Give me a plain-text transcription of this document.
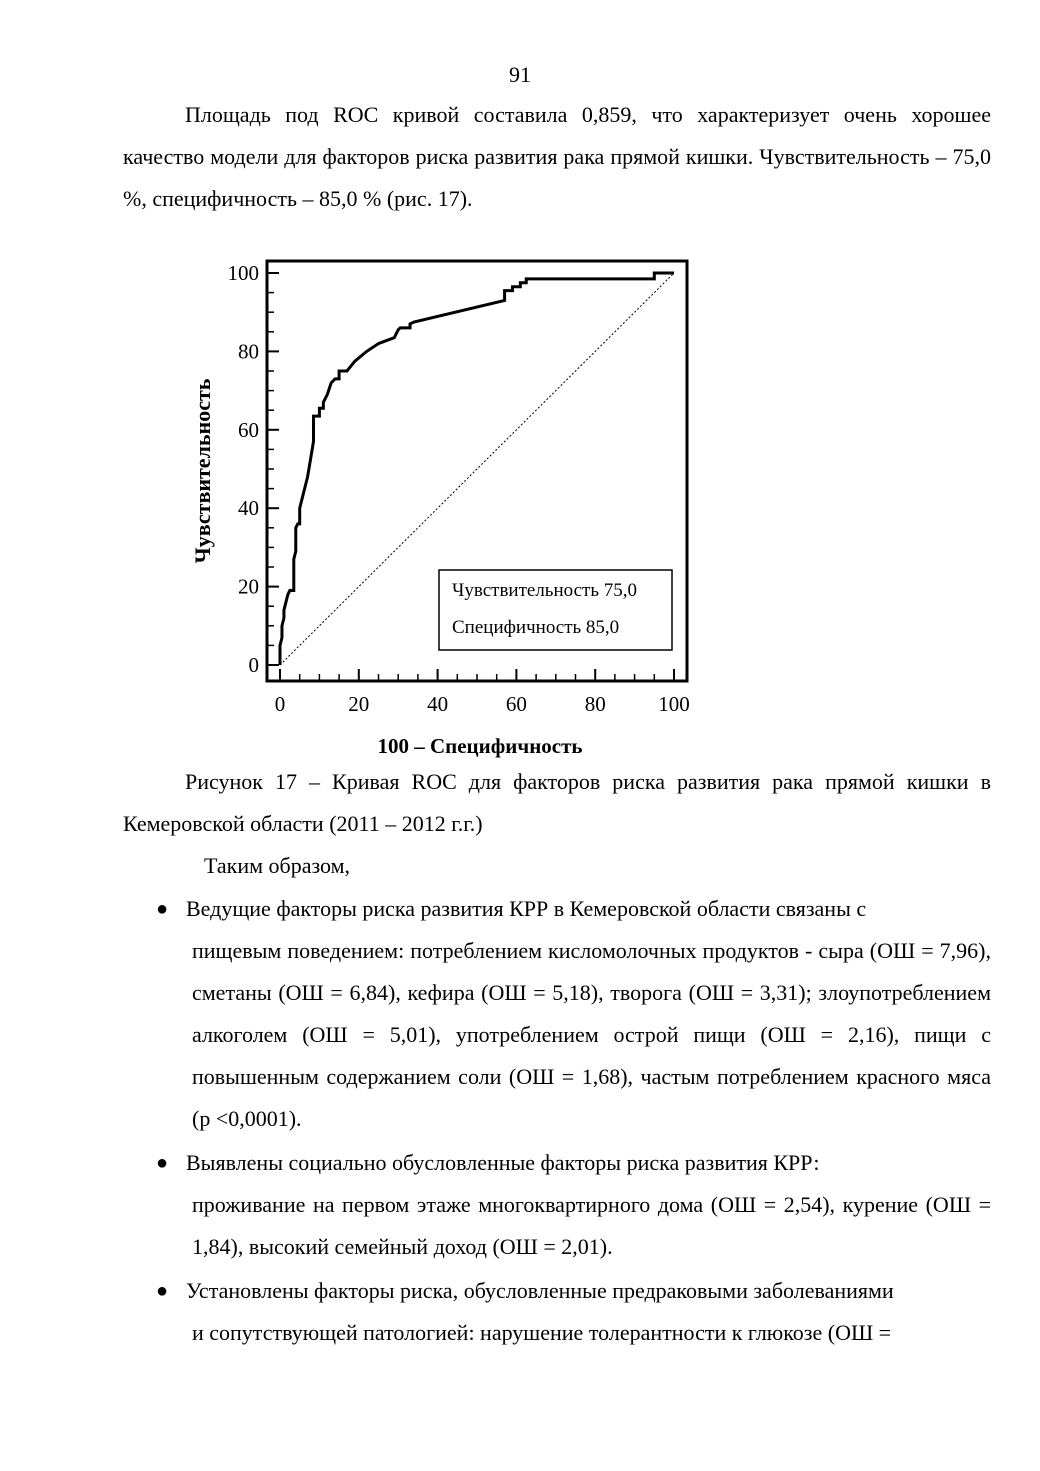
91

Площадь под ROC кривой составила 0,859, что характеризует очень хорошее качество модели для факторов риска развития рака прямой кишки. Чувствительность – 75,0 %, специфичность – 85,0 % (рис. 17).

0
20
40
60
80
100
0	20	40	60	80	100
100 – Специфичность
Чувствительность
Чувствительность 75,0
Специфичность 85,0

Рисунок 17 – Кривая ROC для факторов риска развития рака прямой кишки в Кемеровской области (2011 – 2012 г.г.)

Таким образом,
● Ведущие факторы риска развития КРР в Кемеровской области связаны с
пищевым поведением: потреблением кисломолочных продуктов - сыра (ОШ = 7,96), сметаны (ОШ = 6,84), кефира (ОШ = 5,18), творога (ОШ = 3,31); злоупотреблением алкоголем (ОШ = 5,01), употреблением острой пищи (ОШ = 2,16), пищи с повышенным содержанием соли (ОШ = 1,68), частым потреблением красного мяса (р <0,0001).
● Выявлены социально обусловленные факторы риска развития КРР:
проживание на первом этаже многоквартирного дома (ОШ = 2,54), курение (ОШ = 1,84), высокий семейный доход (ОШ = 2,01).
● Установлены факторы риска, обусловленные предраковыми заболеваниями
и сопутствующей патологией: нарушение толерантности к глюкозе (ОШ =
